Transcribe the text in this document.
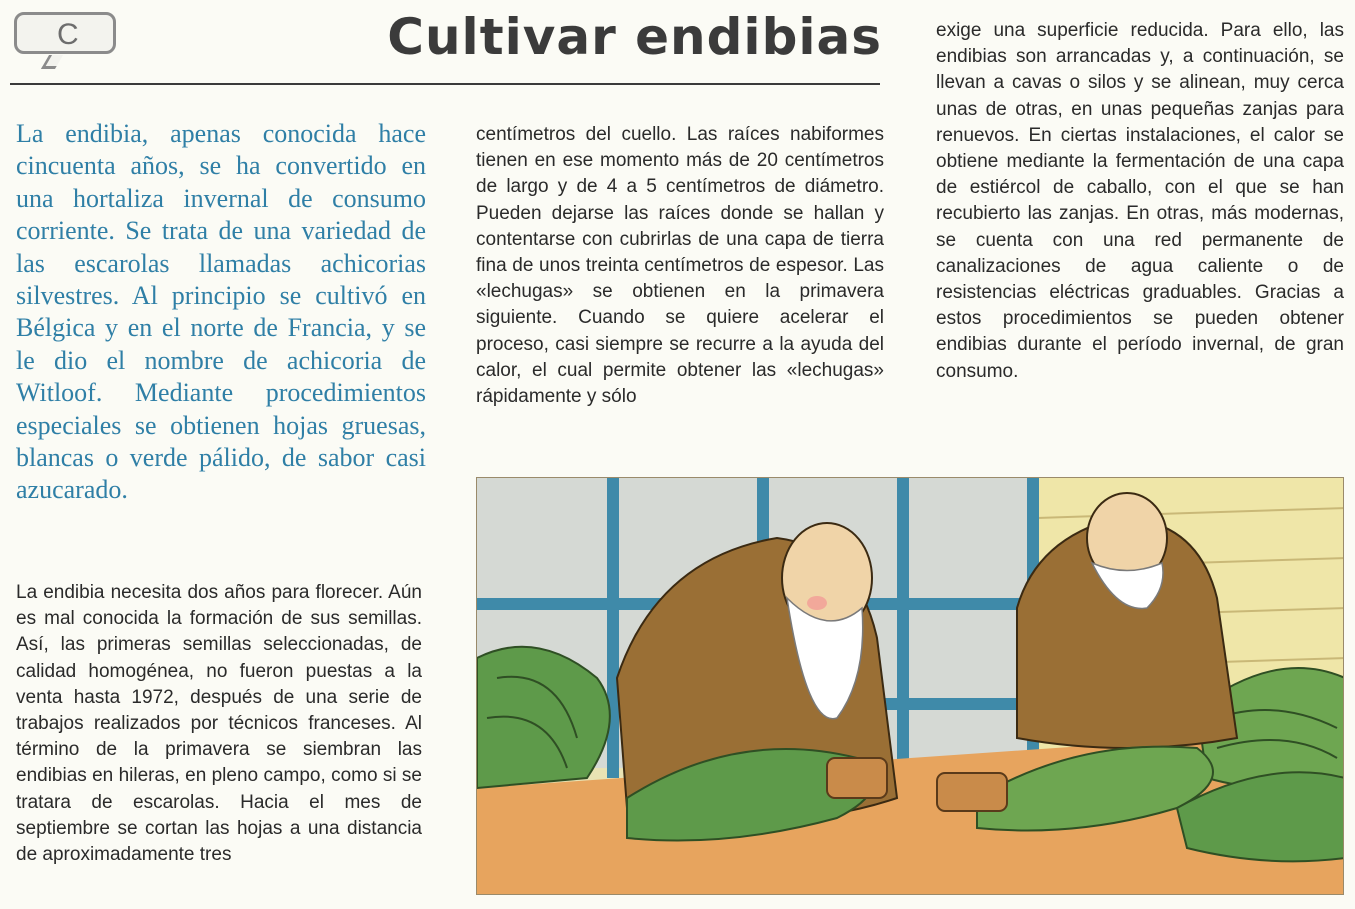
C	Cultivar endibias

La endibia, apenas conocida hace cincuenta años, se ha convertido en una hortaliza invernal de consumo corriente. Se trata de una variedad de las escarolas llamadas achicorias silvestres. Al principio se cultivó en Bélgica y en el norte de Francia, y se le dio el nombre de achicoria de Witloof. Mediante procedimientos especiales se obtienen hojas gruesas, blancas o verde pálido, de sabor casi azucarado.

La endibia necesita dos años para florecer. Aún es mal conocida la formación de sus semillas. Así, las primeras semillas seleccionadas, de calidad homogénea, no fueron puestas a la venta hasta 1972, después de una serie de trabajos realizados por técnicos franceses. Al término de la primavera se siembran las endibias en hileras, en pleno campo, como si se tratara de escarolas. Hacia el mes de septiembre se cortan las hojas a una distancia de aproximadamente tres

centímetros del cuello. Las raíces nabiformes tienen en ese momento más de 20 centímetros de largo y de 4 a 5 centímetros de diámetro. Pueden dejarse las raíces donde se hallan y contentarse con cubrirlas de una capa de tierra fina de unos treinta centímetros de espesor. Las «lechugas» se obtienen en la primavera siguiente. Cuando se quiere acelerar el proceso, casi siempre se recurre a la ayuda del calor, el cual permite obtener las «lechugas» rápidamente y sólo

exige una superficie reducida. Para ello, las endibias son arrancadas y, a continuación, se llevan a cavas o silos y se alinean, muy cerca unas de otras, en unas pequeñas zanjas para renuevos. En ciertas instalaciones, el calor se obtiene mediante la fermentación de una capa de estiércol de caballo, con el que se han recubierto las zanjas. En otras, más modernas, se cuenta con una red permanente de canalizaciones de agua caliente o de resistencias eléctricas graduables. Gracias a estos procedimientos se pueden obtener endibias durante el período invernal, de gran consumo.
